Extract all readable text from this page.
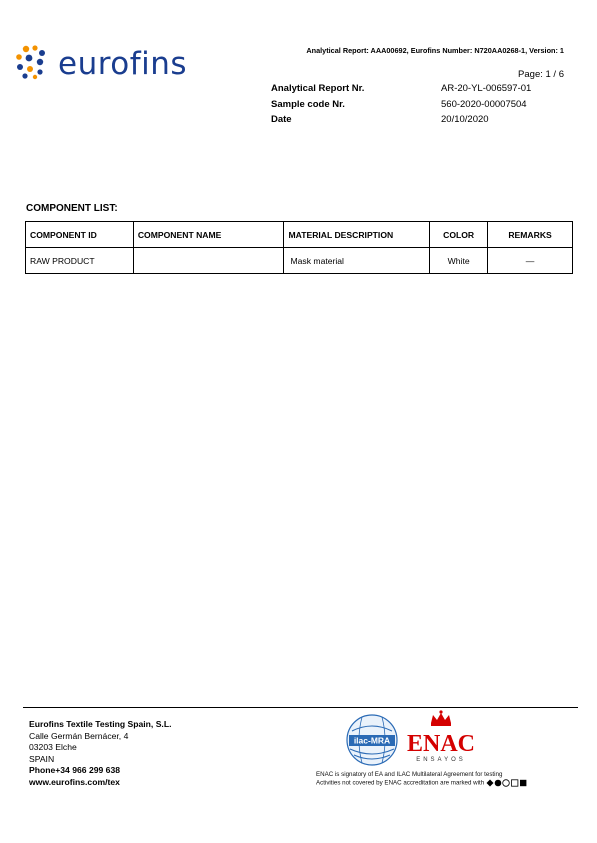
eurofins	Analytical Report: AAA00692, Eurofins Number: N720AA0268-1, Version: 1
Page: 1 / 6
Analytical Report Nr.	AR-20-YL-006597-01
Sample code Nr.	560-2020-00007504
Date	20/10/2020
COMPONENT LIST:
COMPONENT ID	COMPONENT NAME	MATERIAL DESCRIPTION	COLOR	REMARKS
RAW PRODUCT		Mask material	White	—
Eurofins Textile Testing Spain, S.L.
Calle Germán Bernácer, 4
03203 Elche
SPAIN
Phone+34 966 299 638
www.eurofins.com/tex
ilac-MRA ENAC
ENSAYOS
ENAC is signatory of EA and ILAC Multilateral Agreement for testing
Activities not covered by ENAC accreditation are marked with
